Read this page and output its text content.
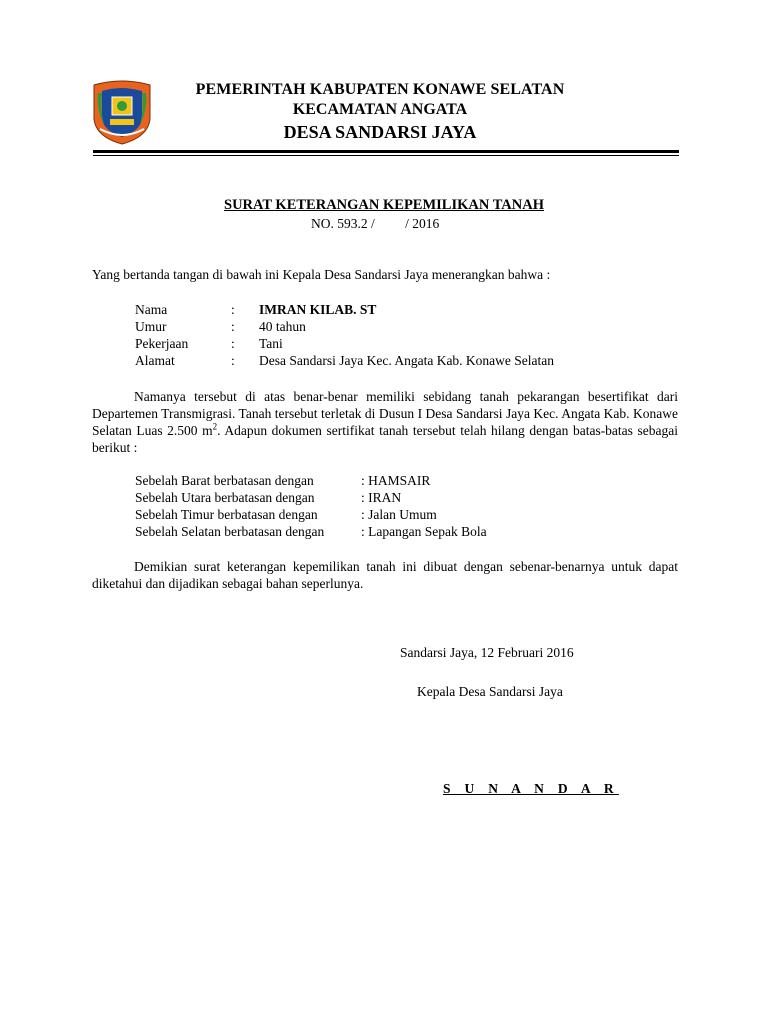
PEMERINTAH KABUPATEN KONAWE SELATAN
KECAMATAN ANGATA
DESA SANDARSI JAYA
SURAT KETERANGAN KEPEMILIKAN TANAH
NO. 593.2 /         / 2016
Yang bertanda tangan di bawah ini Kepala Desa Sandarsi Jaya menerangkan bahwa :
Nama	: IMRAN KILAB. ST
Umur	: 40 tahun
Pekerjaan	: Tani
Alamat	: Desa Sandarsi Jaya Kec. Angata Kab. Konawe Selatan
Namanya tersebut di atas benar-benar memiliki sebidang tanah pekarangan besertifikat dari Departemen Transmigrasi. Tanah tersebut terletak di Dusun I Desa Sandarsi Jaya Kec. Angata Kab. Konawe Selatan Luas 2.500 $m^2$. Adapun dokumen sertifikat tanah tersebut telah hilang dengan batas-batas sebagai berikut :
Sebelah Barat berbatasan dengan	: HAMSAIR
Sebelah Utara berbatasan dengan	: IRAN
Sebelah Timur berbatasan dengan	: Jalan Umum
Sebelah Selatan berbatasan dengan	: Lapangan Sepak Bola
Demikian surat keterangan kepemilikan tanah ini dibuat dengan sebenar-benarnya untuk dapat diketahui dan dijadikan sebagai bahan seperlunya.
Sandarsi Jaya, 12 Februari 2016
Kepala Desa Sandarsi Jaya
S U N A N D A R
